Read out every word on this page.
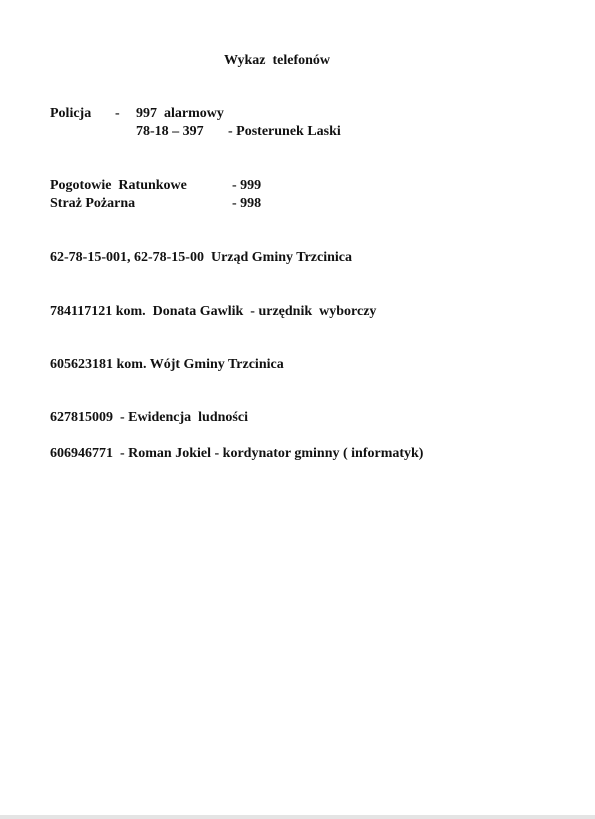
Wykaz  telefonów
Policja - 997  alarmowy
78-18 – 397 - Posterunek Laski
Pogotowie  Ratunkowe	- 999
Straż Pożarna	- 998
62-78-15-001, 62-78-15-00  Urząd Gminy Trzcinica
784117121 kom.  Donata Gawlik  - urzędnik  wyborczy
605623181 kom. Wójt Gminy Trzcinica
627815009  - Ewidencja  ludności
606946771  - Roman Jokiel - kordynator gminny ( informatyk)
